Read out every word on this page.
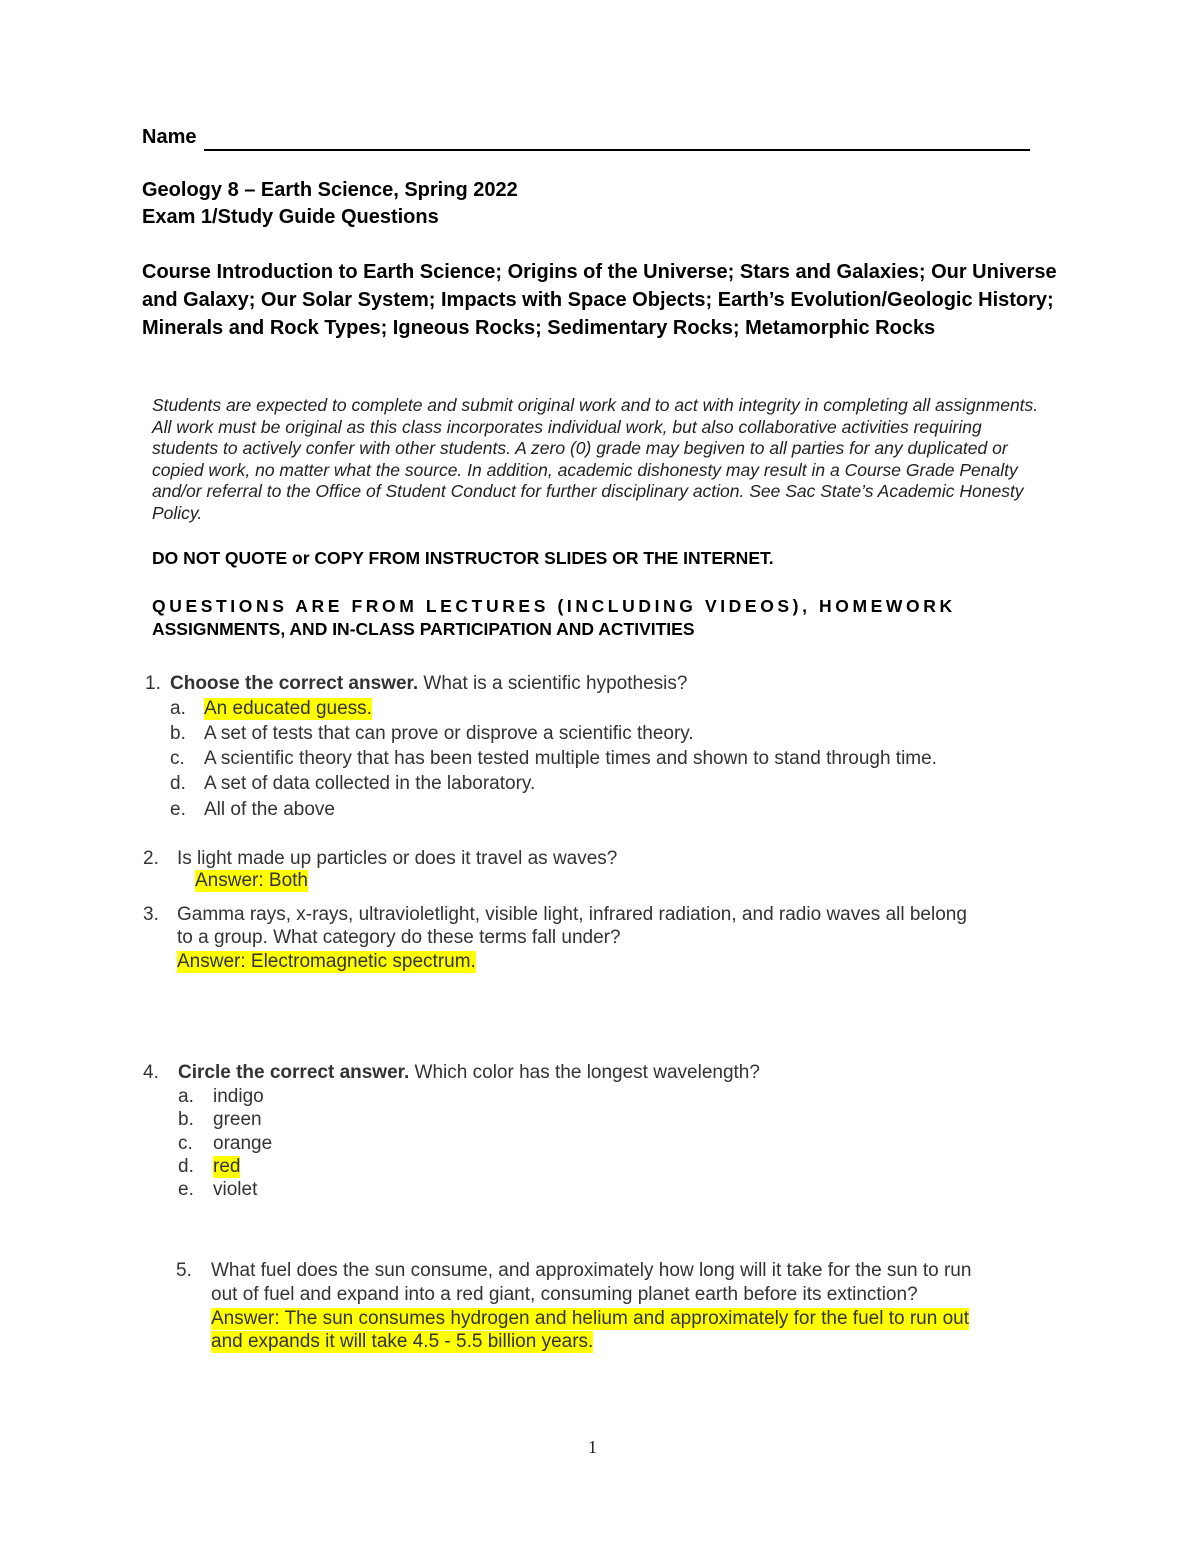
Name
Geology 8 – Earth Science, Spring 2022
Exam 1/Study Guide Questions
Course Introduction to Earth Science; Origins of the Universe; Stars and Galaxies; Our Universe and Galaxy; Our Solar System; Impacts with Space Objects; Earth’s Evolution/Geologic History; Minerals and Rock Types; Igneous Rocks; Sedimentary Rocks; Metamorphic Rocks
Students are expected to complete and submit original work and to act with integrity in completing all assignments. All work must be original as this class incorporates individual work, but also collaborative activities requiring students to actively confer with other students. A zero (0) grade may begiven to all parties for any duplicated or copied work, no matter what the source. In addition, academic dishonesty may result in a Course Grade Penalty and/or referral to the Office of Student Conduct for further disciplinary action. See Sac State’s Academic Honesty Policy.
DO NOT QUOTE or COPY FROM INSTRUCTOR SLIDES OR THE INTERNET.
QUESTIONS ARE FROM LECTURES (INCLUDING VIDEOS), HOMEWORK
ASSIGNMENTS, AND IN-CLASS PARTICIPATION AND ACTIVITIES
1. Choose the correct answer. What is a scientific hypothesis?
a. An educated guess.
b. A set of tests that can prove or disprove a scientific theory.
c. A scientific theory that has been tested multiple times and shown to stand through time.
d. A set of data collected in the laboratory.
e. All of the above
2. Is light made up particles or does it travel as waves?
Answer: Both
3. Gamma rays, x-rays, ultravioletlight, visible light, infrared radiation, and radio waves all belong
to a group. What category do these terms fall under?
Answer: Electromagnetic spectrum.
4. Circle the correct answer. Which color has the longest wavelength?
a. indigo
b. green
c. orange
d. red
e. violet
5. What fuel does the sun consume, and approximately how long will it take for the sun to run
out of fuel and expand into a red giant, consuming planet earth before its extinction?
Answer: The sun consumes hydrogen and helium and approximately for the fuel to run out
and expands it will take 4.5 - 5.5 billion years.
1
